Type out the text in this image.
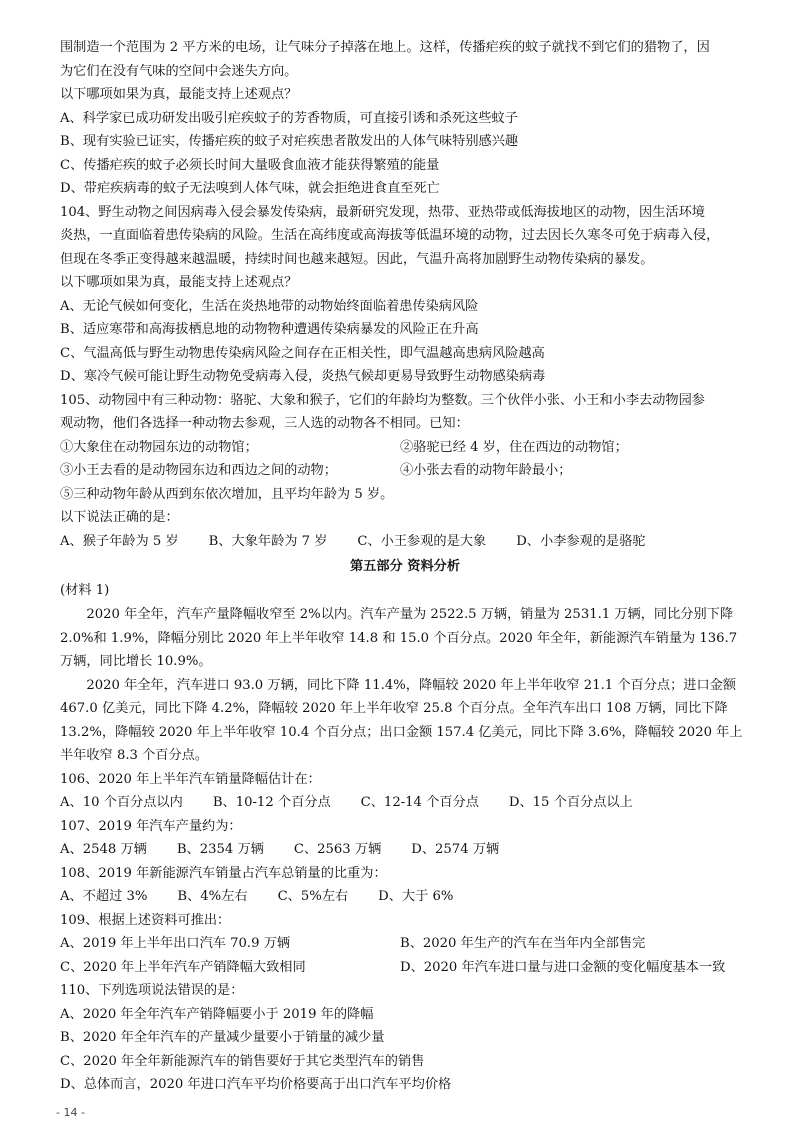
围制造一个范围为 2 平方米的电场，让气味分子掉落在地上。这样，传播疟疾的蚊子就找不到它们的猎物了，因

为它们在没有气味的空间中会迷失方向。

以下哪项如果为真，最能支持上述观点？

A、科学家已成功研发出吸引疟疾蚊子的芳香物质，可直接引诱和杀死这些蚊子

B、现有实验已证实，传播疟疾的蚊子对疟疾患者散发出的人体气味特别感兴趣

C、传播疟疾的蚊子必须长时间大量吸食血液才能获得繁殖的能量

D、带疟疾病毒的蚊子无法嗅到人体气味，就会拒绝进食直至死亡

104、野生动物之间因病毒入侵会暴发传染病，最新研究发现，热带、亚热带或低海拔地区的动物，因生活环境

炎热，一直面临着患传染病的风险。生活在高纬度或高海拔等低温环境的动物，过去因长久寒冬可免于病毒入侵，

但现在冬季正变得越来越温暖，持续时间也越来越短。因此，气温升高将加剧野生动物传染病的暴发。

以下哪项如果为真，最能支持上述观点？

A、无论气候如何变化，生活在炎热地带的动物始终面临着患传染病风险

B、适应寒带和高海拔栖息地的动物物种遭遇传染病暴发的风险正在升高

C、气温高低与野生动物患传染病风险之间存在正相关性，即气温越高患病风险越高

D、寒冷气候可能让野生动物免受病毒入侵，炎热气候却更易导致野生动物感染病毒

105、动物园中有三种动物：骆驼、大象和猴子，它们的年龄均为整数。三个伙伴小张、小王和小李去动物园参

观动物，他们各选择一种动物去参观，三人选的动物各不相同。已知：

①大象住在动物园东边的动物馆；	②骆驼已经 4 岁，住在西边的动物馆；
③小王去看的是动物园东边和西边之间的动物；	④小张去看的动物年龄最小；

⑤三种动物年龄从西到东依次增加，且平均年龄为 5 岁。

以下说法正确的是：

A、猴子年龄为 5 岁 B、大象年龄为 7 岁 C、小王参观的是大象 D、小李参观的是骆驼

第五部分 资料分析

(材料 1)

2020 年全年，汽车产量降幅收窄至 2%以内。汽车产量为 2522.5 万辆，销量为 2531.1 万辆，同比分别下降 2.0%和 1.9%，降幅分别比 2020 年上半年收窄 14.8 和 15.0 个百分点。2020 年全年，新能源汽车销量为 136.7 万辆，同比增长 10.9%。

2020 年全年，汽车进口 93.0 万辆，同比下降 11.4%，降幅较 2020 年上半年收窄 21.1 个百分点；进口金额 467.0 亿美元，同比下降 4.2%，降幅较 2020 年上半年收窄 25.8 个百分点。全年汽车出口 108 万辆，同比下降 13.2%，降幅较 2020 年上半年收窄 10.4 个百分点；出口金额 157.4 亿美元，同比下降 3.6%，降幅较 2020 年上半年收窄 8.3 个百分点。

106、2020 年上半年汽车销量降幅估计在：

A、10 个百分点以内 B、10-12 个百分点 C、12-14 个百分点 D、15 个百分点以上

107、2019 年汽车产量约为：

A、2548 万辆 B、2354 万辆 C、2563 万辆 D、2574 万辆

108、2019 年新能源汽车销量占汽车总销量的比重为：

A、不超过 3% B、4%左右 C、5%左右 D、大于 6%

109、根据上述资料可推出：

A、2019 年上半年出口汽车 70.9 万辆	B、2020 年生产的汽车在当年内全部售完
C、2020 年上半年汽车产销降幅大致相同	D、2020 年汽车进口量与进口金额的变化幅度基本一致

110、下列选项说法错误的是：

A、2020 年全年汽车产销降幅要小于 2019 年的降幅

B、2020 年全年汽车的产量减少量要小于销量的减少量

C、2020 年全年新能源汽车的销售要好于其它类型汽车的销售

D、总体而言，2020 年进口汽车平均价格要高于出口汽车平均价格

- 14 -
